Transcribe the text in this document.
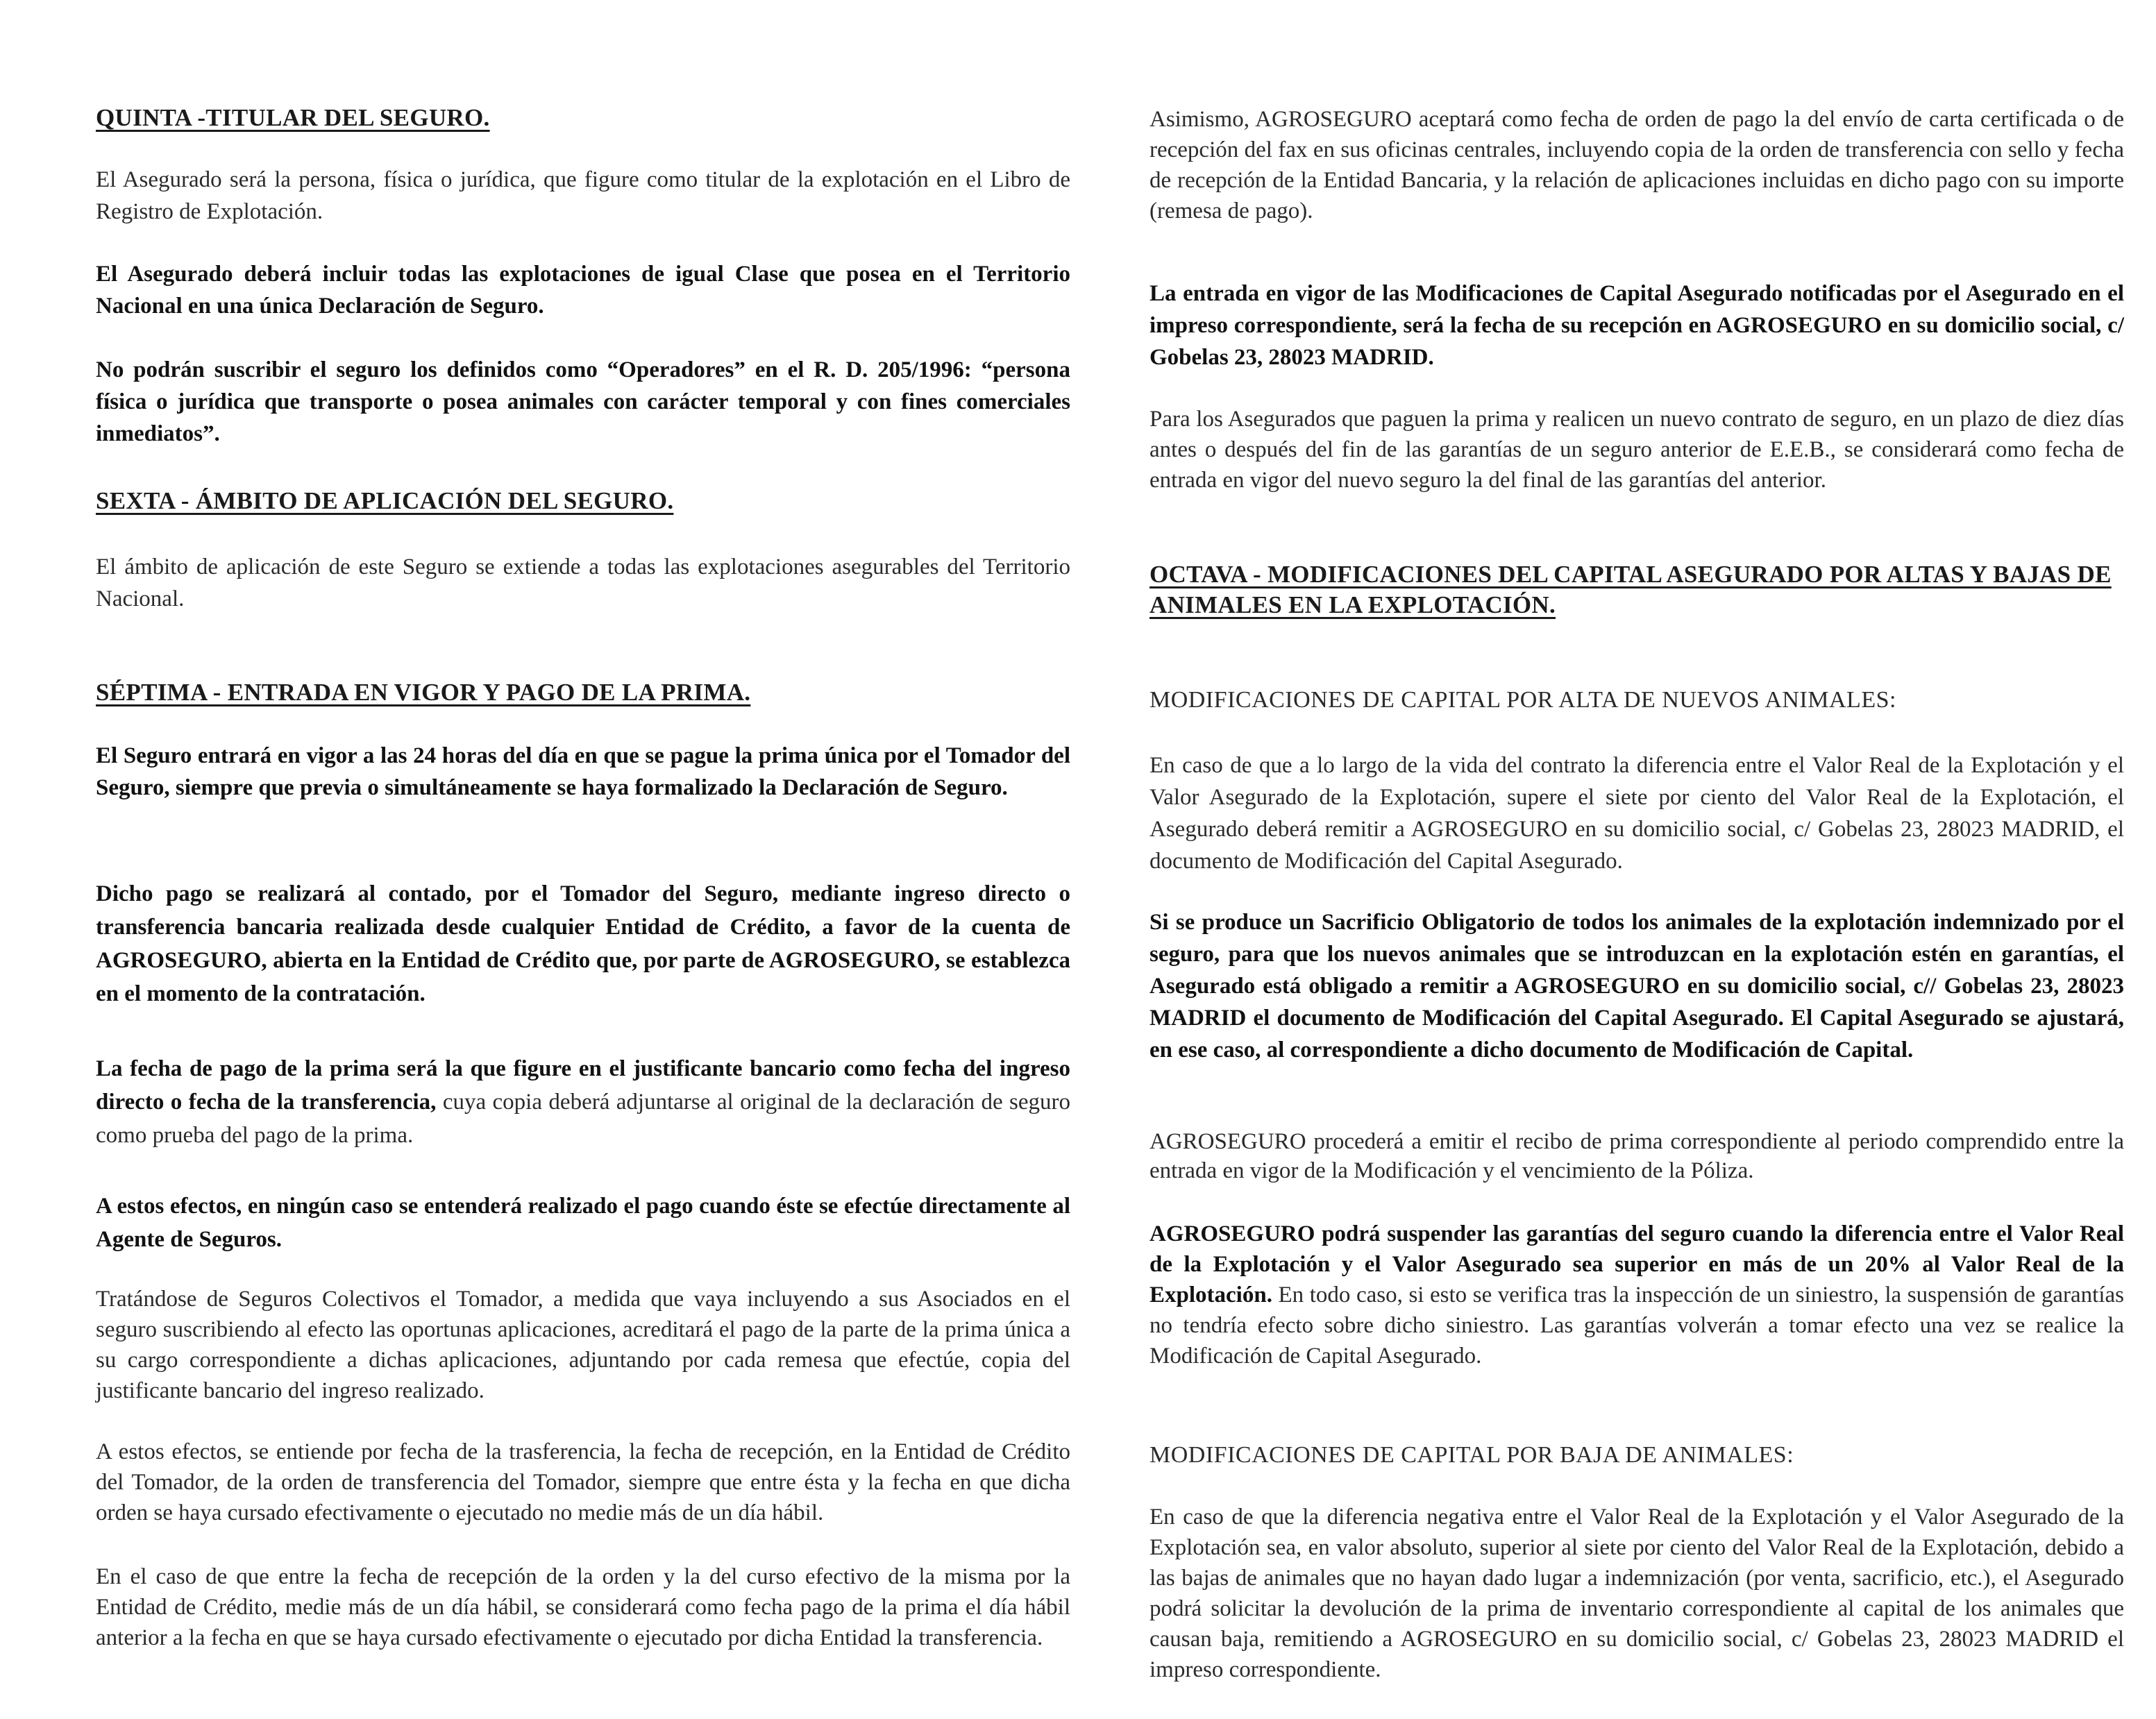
QUINTA -TITULAR DEL SEGURO.

El Asegurado será la persona, física o jurídica, que figure como titular de la explotación en el Libro de Registro de Explotación.

El Asegurado deberá incluir todas las explotaciones de igual Clase que posea en el Territorio Nacional en una única Declaración de Seguro.

No podrán suscribir el seguro los definidos como “Operadores” en el R. D. 205/1996: “persona física o jurídica que transporte o posea animales con carácter temporal y con fines comerciales inmediatos”.

SEXTA - ÁMBITO DE APLICACIÓN DEL SEGURO.

El ámbito de aplicación de este Seguro se extiende a todas las explotaciones asegurables del Territorio Nacional.

SÉPTIMA - ENTRADA EN VIGOR Y PAGO DE LA PRIMA.

El Seguro entrará en vigor a las 24 horas del día en que se pague la prima única por el Tomador del Seguro, siempre que previa o simultáneamente se haya formalizado la Declaración de Seguro.

Dicho pago se realizará al contado, por el Tomador del Seguro, mediante ingreso directo o transferencia bancaria realizada desde cualquier Entidad de Crédito, a favor de la cuenta de AGROSEGURO, abierta en la Entidad de Crédito que, por parte de AGROSEGURO, se establezca en el momento de la contratación.

La fecha de pago de la prima será la que figure en el justificante bancario como fecha del ingreso directo o fecha de la transferencia, cuya copia deberá adjuntarse al original de la declaración de seguro como prueba del pago de la prima.

A estos efectos, en ningún caso se entenderá realizado el pago cuando éste se efectúe directamente al Agente de Seguros.

Tratándose de Seguros Colectivos el Tomador, a medida que vaya incluyendo a sus Asociados en el seguro suscribiendo al efecto las oportunas aplicaciones, acreditará el pago de la parte de la prima única a su cargo correspondiente a dichas aplicaciones, adjuntando por cada remesa que efectúe, copia del justificante bancario del ingreso realizado.

A estos efectos, se entiende por fecha de la trasferencia, la fecha de recepción, en la Entidad de Crédito del Tomador, de la orden de transferencia del Tomador, siempre que entre ésta y la fecha en que dicha orden se haya cursado efectivamente o ejecutado no medie más de un día hábil.

En el caso de que entre la fecha de recepción de la orden y la del curso efectivo de la misma por la Entidad de Crédito, medie más de un día hábil, se considerará como fecha pago de la prima el día hábil anterior a la fecha en que se haya cursado efectivamente o ejecutado por dicha Entidad la transferencia.

Asimismo, AGROSEGURO aceptará como fecha de orden de pago la del envío de carta certificada o de recepción del fax en sus oficinas centrales, incluyendo copia de la orden de transferencia con sello y fecha de recepción de la Entidad Bancaria, y la relación de aplicaciones incluidas en dicho pago con su importe (remesa de pago).

La entrada en vigor de las Modificaciones de Capital Asegurado notificadas por el Asegurado en el impreso correspondiente, será la fecha de su recepción en AGROSEGURO en su domicilio social, c/ Gobelas 23, 28023 MADRID.

Para los Asegurados que paguen la prima y realicen un nuevo contrato de seguro, en un plazo de diez días antes o después del fin de las garantías de un seguro anterior de E.E.B., se considerará como fecha de entrada en vigor del nuevo seguro la del final de las garantías del anterior.

OCTAVA - MODIFICACIONES DEL CAPITAL ASEGURADO POR ALTAS Y BAJAS DE ANIMALES EN LA EXPLOTACIÓN.
MODIFICACIONES DE CAPITAL POR ALTA DE NUEVOS ANIMALES:

En caso de que a lo largo de la vida del contrato la diferencia entre el Valor Real de la Explotación y el Valor Asegurado de la Explotación, supere el siete por ciento del Valor Real de la Explotación, el Asegurado deberá remitir a AGROSEGURO en su domicilio social, c/ Gobelas 23, 28023 MADRID, el documento de Modificación del Capital Asegurado.

Si se produce un Sacrificio Obligatorio de todos los animales de la explotación indemnizado por el seguro, para que los nuevos animales que se introduzcan en la explotación estén en garantías, el Asegurado está obligado a remitir a AGROSEGURO en su domicilio social, c// Gobelas 23, 28023 MADRID el documento de Modificación del Capital Asegurado. El Capital Asegurado se ajustará, en ese caso, al correspondiente a dicho documento de Modificación de Capital.

AGROSEGURO procederá a emitir el recibo de prima correspondiente al periodo comprendido entre la entrada en vigor de la Modificación y el vencimiento de la Póliza.

AGROSEGURO podrá suspender las garantías del seguro cuando la diferencia entre el Valor Real de la Explotación y el Valor Asegurado sea superior en más de un 20% al Valor Real de la Explotación. En todo caso, si esto se verifica tras la inspección de un siniestro, la suspensión de garantías no tendría efecto sobre dicho siniestro. Las garantías volverán a tomar efecto una vez se realice la Modificación de Capital Asegurado.

MODIFICACIONES DE CAPITAL POR BAJA DE ANIMALES:

En caso de que la diferencia negativa entre el Valor Real de la Explotación y el Valor Asegurado de la Explotación sea, en valor absoluto, superior al siete por ciento del Valor Real de la Explotación, debido a las bajas de animales que no hayan dado lugar a indemnización (por venta, sacrificio, etc.), el Asegurado podrá solicitar la devolución de la prima de inventario correspondiente al capital de los animales que causan baja, remitiendo a AGROSEGURO en su domicilio social, c/ Gobelas 23, 28023 MADRID el impreso correspondiente.
